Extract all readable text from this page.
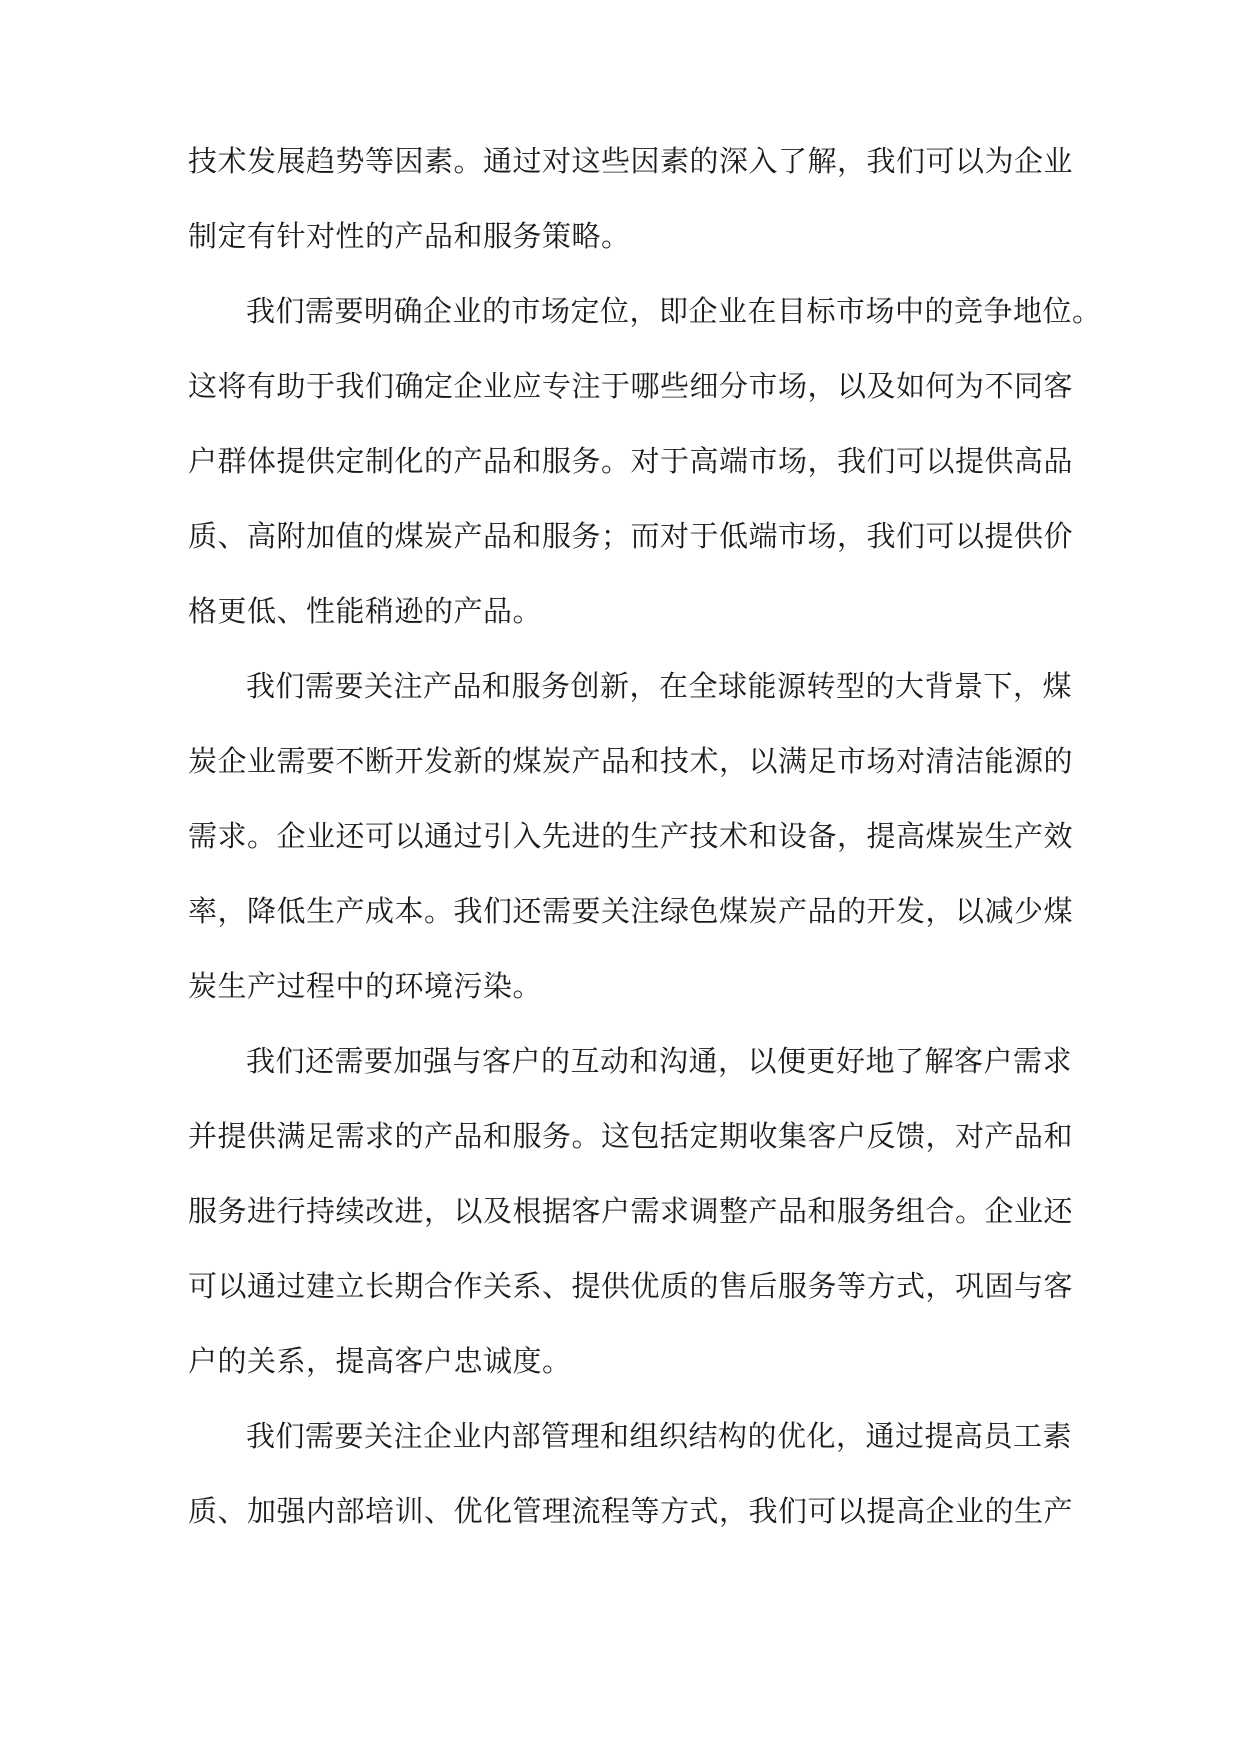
技术发展趋势等因素。通过对这些因素的深入了解，我们可以为企业
制定有针对性的产品和服务策略。
我们需要明确企业的市场定位，即企业在目标市场中的竞争地位。
这将有助于我们确定企业应专注于哪些细分市场，以及如何为不同客
户群体提供定制化的产品和服务。对于高端市场，我们可以提供高品
质、高附加值的煤炭产品和服务；而对于低端市场，我们可以提供价
格更低、性能稍逊的产品。
我们需要关注产品和服务创新，在全球能源转型的大背景下，煤
炭企业需要不断开发新的煤炭产品和技术，以满足市场对清洁能源的
需求。企业还可以通过引入先进的生产技术和设备，提高煤炭生产效
率，降低生产成本。我们还需要关注绿色煤炭产品的开发，以减少煤
炭生产过程中的环境污染。
我们还需要加强与客户的互动和沟通，以便更好地了解客户需求
并提供满足需求的产品和服务。这包括定期收集客户反馈，对产品和
服务进行持续改进，以及根据客户需求调整产品和服务组合。企业还
可以通过建立长期合作关系、提供优质的售后服务等方式，巩固与客
户的关系，提高客户忠诚度。
我们需要关注企业内部管理和组织结构的优化，通过提高员工素
质、加强内部培训、优化管理流程等方式，我们可以提高企业的生产
